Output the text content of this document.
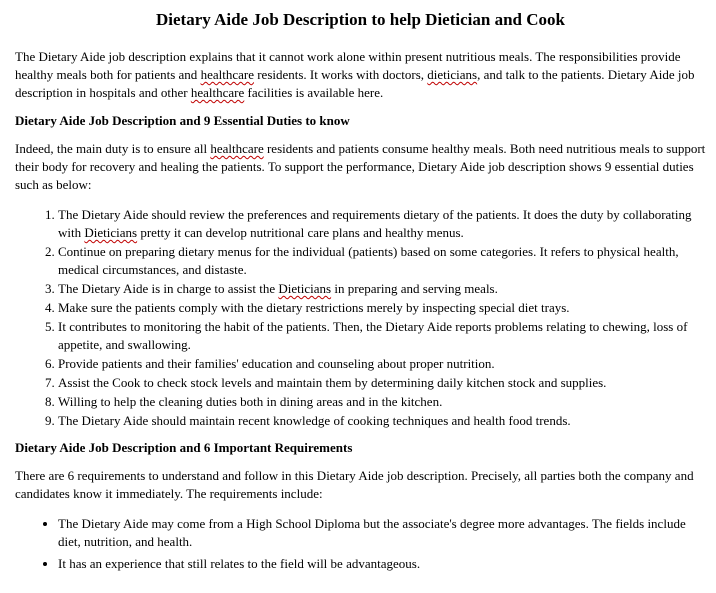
Dietary Aide Job Description to help Dietician and Cook

The Dietary Aide job description explains that it cannot work alone within present nutritious meals. The responsibilities provide healthy meals both for patients and healthcare residents. It works with doctors, dieticians, and talk to the patients. Dietary Aide job description in hospitals and other healthcare facilities is available here.

Dietary Aide Job Description and 9 Essential Duties to know

Indeed, the main duty is to ensure all healthcare residents and patients consume healthy meals. Both need nutritious meals to support their body for recovery and healing the patients. To support the performance, Dietary Aide job description shows 9 essential duties such as below:

1. The Dietary Aide should review the preferences and requirements dietary of the patients. It does the duty by collaborating with Dieticians pretty it can develop nutritional care plans and healthy menus.
2. Continue on preparing dietary menus for the individual (patients) based on some categories. It refers to physical health, medical circumstances, and distaste.
3. The Dietary Aide is in charge to assist the Dieticians in preparing and serving meals.
4. Make sure the patients comply with the dietary restrictions merely by inspecting special diet trays.
5. It contributes to monitoring the habit of the patients. Then, the Dietary Aide reports problems relating to chewing, loss of appetite, and swallowing.
6. Provide patients and their families' education and counseling about proper nutrition.
7. Assist the Cook to check stock levels and maintain them by determining daily kitchen stock and supplies.
8. Willing to help the cleaning duties both in dining areas and in the kitchen.
9. The Dietary Aide should maintain recent knowledge of cooking techniques and health food trends.
Dietary Aide Job Description and 6 Important Requirements

There are 6 requirements to understand and follow in this Dietary Aide job description. Precisely, all parties both the company and candidates know it immediately. The requirements include:

• The Dietary Aide may come from a High School Diploma but the associate's degree more advantages. The fields include diet, nutrition, and health.
• It has an experience that still relates to the field will be advantageous.
